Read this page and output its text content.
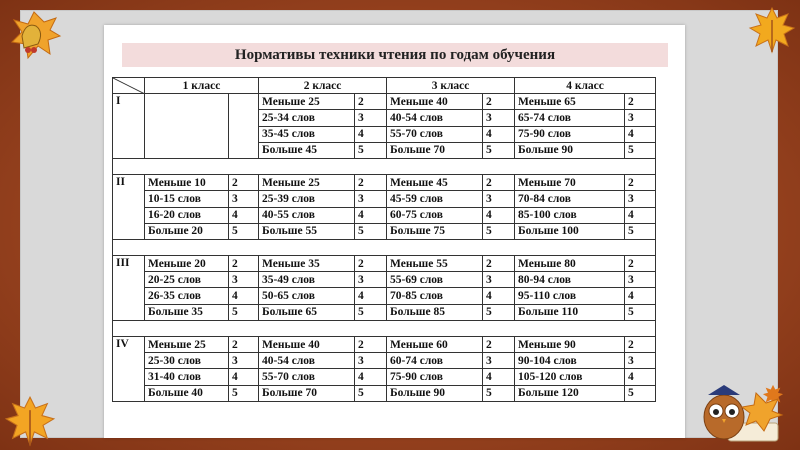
Нормативы техники чтения по годам обучения
	1 класс		2 класс		3 класс		4 класс	
I			Меньше 25	2	Меньше 40	2	Меньше 65	2
			25-34 слов	3	40-54 слов	3	65-74 слов	3
			35-45 слов	4	55-70 слов	4	75-90 слов	4
			Больше 45	5	Больше 70	5	Больше 90	5

II	Меньше 10	2	Меньше 25	2	Меньше 45	2	Меньше 70	2
	10-15 слов	3	25-39 слов	3	45-59 слов	3	70-84 слов	3
	16-20 слов	4	40-55 слов	4	60-75 слов	4	85-100 слов	4
	Больше 20	5	Больше 55	5	Больше 75	5	Больше 100	5

III	Меньше 20	2	Меньше 35	2	Меньше 55	2	Меньше 80	2
	20-25 слов	3	35-49 слов	3	55-69 слов	3	80-94 слов	3
	26-35 слов	4	50-65 слов	4	70-85 слов	4	95-110 слов	4
	Больше 35	5	Больше 65	5	Больше 85	5	Больше 110	5

IV	Меньше 25	2	Меньше 40	2	Меньше 60	2	Меньше 90	2
	25-30 слов	3	40-54 слов	3	60-74 слов	3	90-104 слов	3
	31-40 слов	4	55-70 слов	4	75-90 слов	4	105-120 слов	4
	Больше 40	5	Больше 70	5	Больше 90	5	Больше 120	5
